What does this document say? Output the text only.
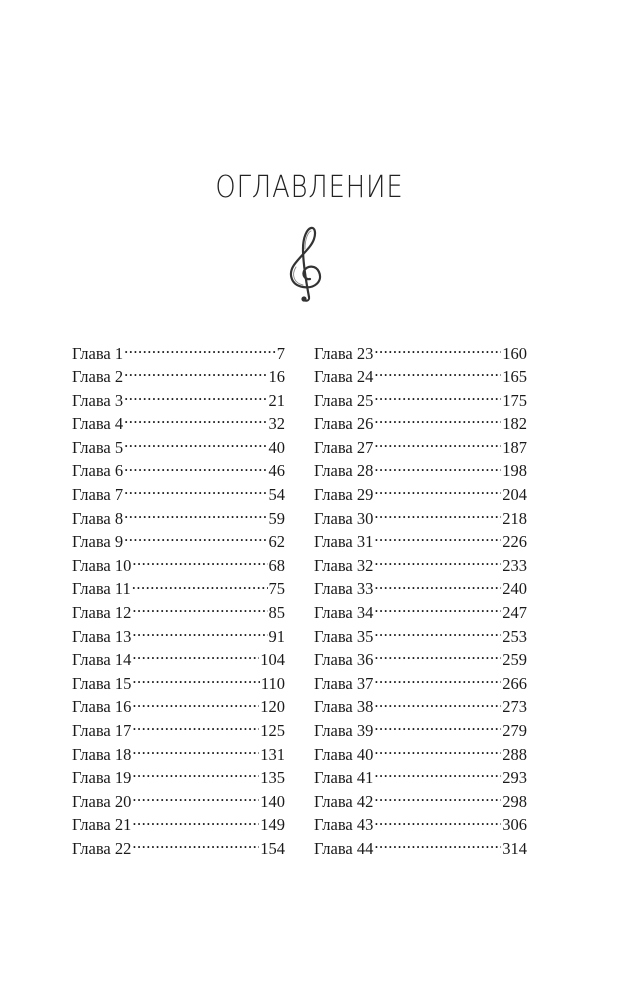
ОГЛАВЛЕНИЕ
Глава 1 .....	7
Глава 2 .....	16
Глава 3 .....	21
Глава 4 .....	32
Глава 5 .....	40
Глава 6 .....	46
Глава 7 .....	54
Глава 8 .....	59
Глава 9 .....	62
Глава 10 .....	68
Глава 11 .....	75
Глава 12 .....	85
Глава 13 .....	91
Глава 14 .....	104
Глава 15 .....	110
Глава 16 .....	120
Глава 17 .....	125
Глава 18 .....	131
Глава 19 .....	135
Глава 20 .....	140
Глава 21 .....	149
Глава 22 .....	154
Глава 23 .....	160
Глава 24 .....	165
Глава 25 .....	175
Глава 26 .....	182
Глава 27 .....	187
Глава 28 .....	198
Глава 29 .....	204
Глава 30 .....	218
Глава 31 .....	226
Глава 32 .....	233
Глава 33 .....	240
Глава 34 .....	247
Глава 35 .....	253
Глава 36 .....	259
Глава 37 .....	266
Глава 38 .....	273
Глава 39 .....	279
Глава 40 .....	288
Глава 41 .....	293
Глава 42 .....	298
Глава 43 .....	306
Глава 44 .....	314
